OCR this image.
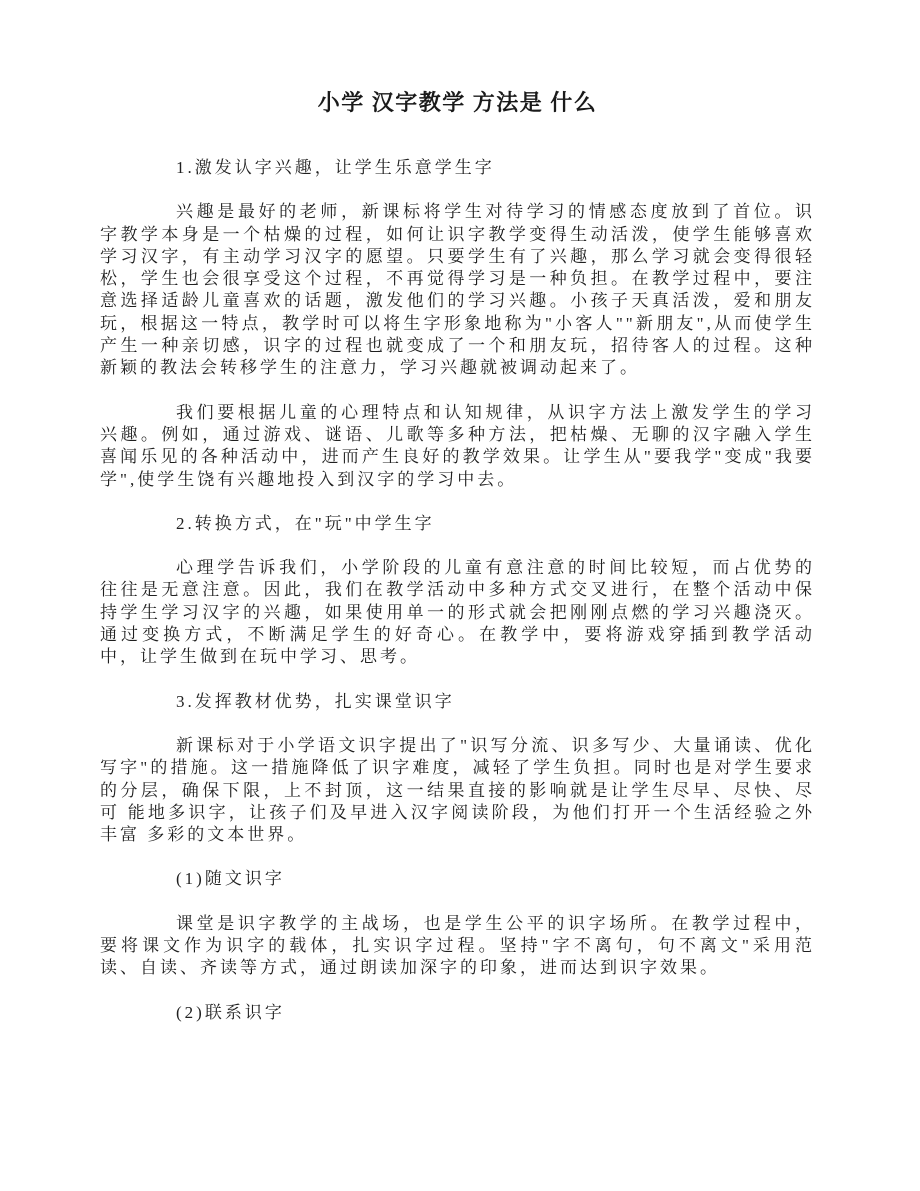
小学 汉字教学 方法是 什么

1.激发认字兴趣，让学生乐意学生字

兴趣是最好的老师，新课标将学生对待学习的情感态度放到了首位。识字教学本身是一个枯燥的过程，如何让识字教学变得生动活泼，使学生能够喜欢学习汉字，有主动学习汉字的愿望。只要学生有了兴趣，那么学习就会变得很轻松，学生也会很享受这个过程，不再觉得学习是一种负担。在教学过程中，要注意选择适龄儿童喜欢的话题，激发他们的学习兴趣。小孩子天真活泼，爱和朋友玩，根据这一特点，教学时可以将生字形象地称为"小客人""新朋友",从而使学生产生一种亲切感，识字的过程也就变成了一个和朋友玩，招待客人的过程。这种新颖的教法会转移学生的注意力，学习兴趣就被调动起来了。

我们要根据儿童的心理特点和认知规律，从识字方法上激发学生的学习兴趣。例如，通过游戏、谜语、儿歌等多种方法，把枯燥、无聊的汉字融入学生喜闻乐见的各种活动中，进而产生良好的教学效果。让学生从"要我学"变成"我要学",使学生饶有兴趣地投入到汉字的学习中去。

2.转换方式，在"玩"中学生字

心理学告诉我们，小学阶段的儿童有意注意的时间比较短，而占优势的往往是无意注意。因此，我们在教学活动中多种方式交叉进行，在整个活动中保持学生学习汉字的兴趣，如果使用单一的形式就会把刚刚点燃的学习兴趣浇灭。通过变换方式，不断满足学生的好奇心。在教学中，要将游戏穿插到教学活动中，让学生做到在玩中学习、思考。

3.发挥教材优势，扎实课堂识字

新课标对于小学语文识字提出了"识写分流、识多写少、大量诵读、优化写字"的措施。这一措施降低了识字难度，减轻了学生负担。同时也是对学生要求 的分层，确保下限，上不封顶，这一结果直接的影响就是让学生尽早、尽快、尽可 能地多识字，让孩子们及早进入汉字阅读阶段，为他们打开一个生活经验之外丰富 多彩的文本世界。

(1)随文识字

课堂是识字教学的主战场，也是学生公平的识字场所。在教学过程中，要将课文作为识字的载体，扎实识字过程。坚持"字不离句，句不离文"采用范读、自读、齐读等方式，通过朗读加深字的印象，进而达到识字效果。

(2)联系识字
